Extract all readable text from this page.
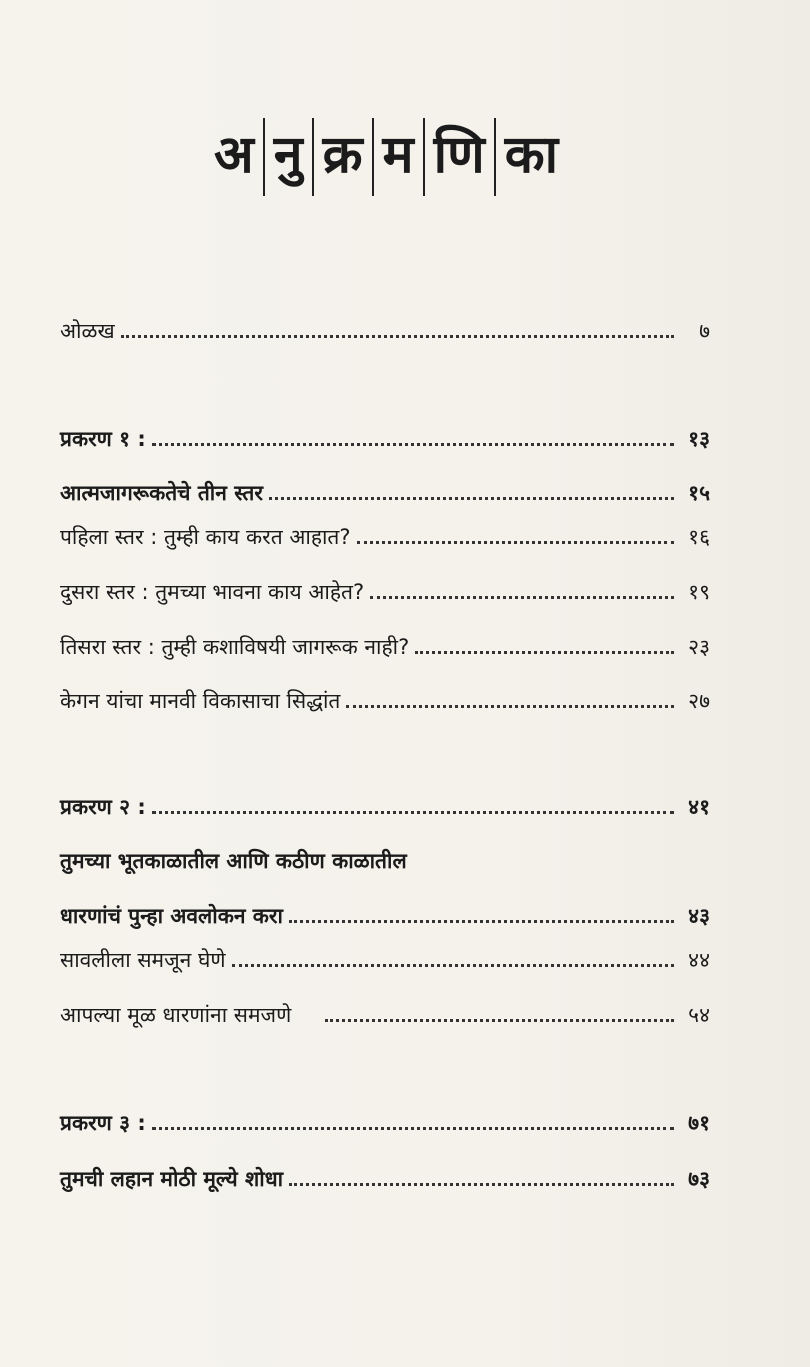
अ नु क्र म णि का
ओळख	७
प्रकरण १ :	१३
आत्मजागरूकतेचे तीन स्तर	१५
पहिला स्तर : तुम्ही काय करत आहात?	१६
दुसरा स्तर : तुमच्या भावना काय आहेत?	१९
तिसरा स्तर : तुम्ही कशाविषयी जागरूक नाही?	२३
केगन यांचा मानवी विकासाचा सिद्धांत	२७
प्रकरण २ :	४१
तुमच्या भूतकाळातील आणि कठीण काळातील
धारणांचं पुन्हा अवलोकन करा	४३
सावलीला समजून घेणे	४४
आपल्या मूळ धारणांना समजणे	५४
प्रकरण ३ :	७१
तुमची लहान मोठी मूल्ये शोधा	७३
